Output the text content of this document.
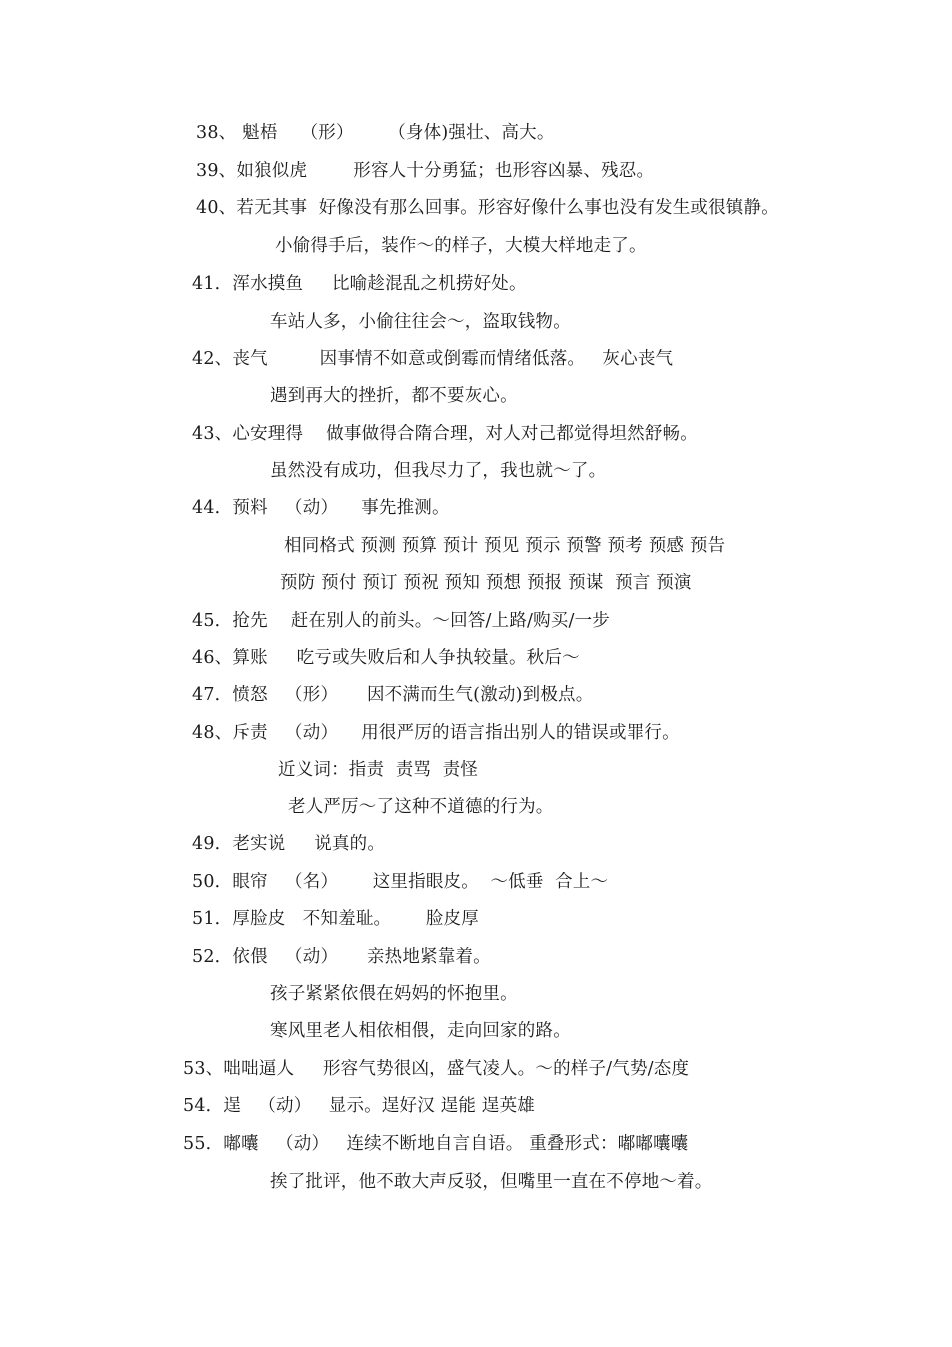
38、 魁梧    （形）      （身体)强壮、高大。
39、如狼似虎        形容人十分勇猛；也形容凶暴、残忍。
40、若无其事  好像没有那么回事。形容好像什么事也没有发生或很镇静。
小偷得手后，装作～的样子，大模大样地走了。
41．浑水摸鱼     比喻趁混乱之机捞好处。
车站人多，小偷往往会～，盗取钱物。
42、丧气         因事情不如意或倒霉而情绪低落。   灰心丧气
遇到再大的挫折，都不要灰心。
43、心安理得    做事做得合隋合理，对人对己都觉得坦然舒畅。
虽然没有成功，但我尽力了，我也就～了。
44．预料   （动）    事先推测。
相同格式 预测 预算 预计 预见 预示 预警 预考 预感 预告
预防 预付 预订 预祝 预知 预想 预报 预谋  预言 预演
45．抢先    赶在别人的前头。～回答/上路/购买/一步
46、算账     吃亏或失败后和人争执较量。秋后～
47．愤怒   （形）     因不满而生气(激动)到极点。
48、斥责   （动）    用很严厉的语言指出别人的错误或罪行。
近义词：指责  责骂  责怪
老人严厉～了这种不道德的行为。
49．老实说     说真的。
50．眼帘   （名）      这里指眼皮。  ～低垂  合上～
51．厚脸皮   不知羞耻。      脸皮厚
52．依偎   （动）     亲热地紧靠着。
孩子紧紧依偎在妈妈的怀抱里。
寒风里老人相依相偎，走向回家的路。
53、咄咄逼人     形容气势很凶，盛气凌人。～的样子/气势/态度
54．逞   （动）   显示。逞好汉 逞能 逞英雄
55．嘟囔   （动）   连续不断地自言自语。 重叠形式：嘟嘟囔囔
挨了批评，他不敢大声反驳，但嘴里一直在不停地～着。
